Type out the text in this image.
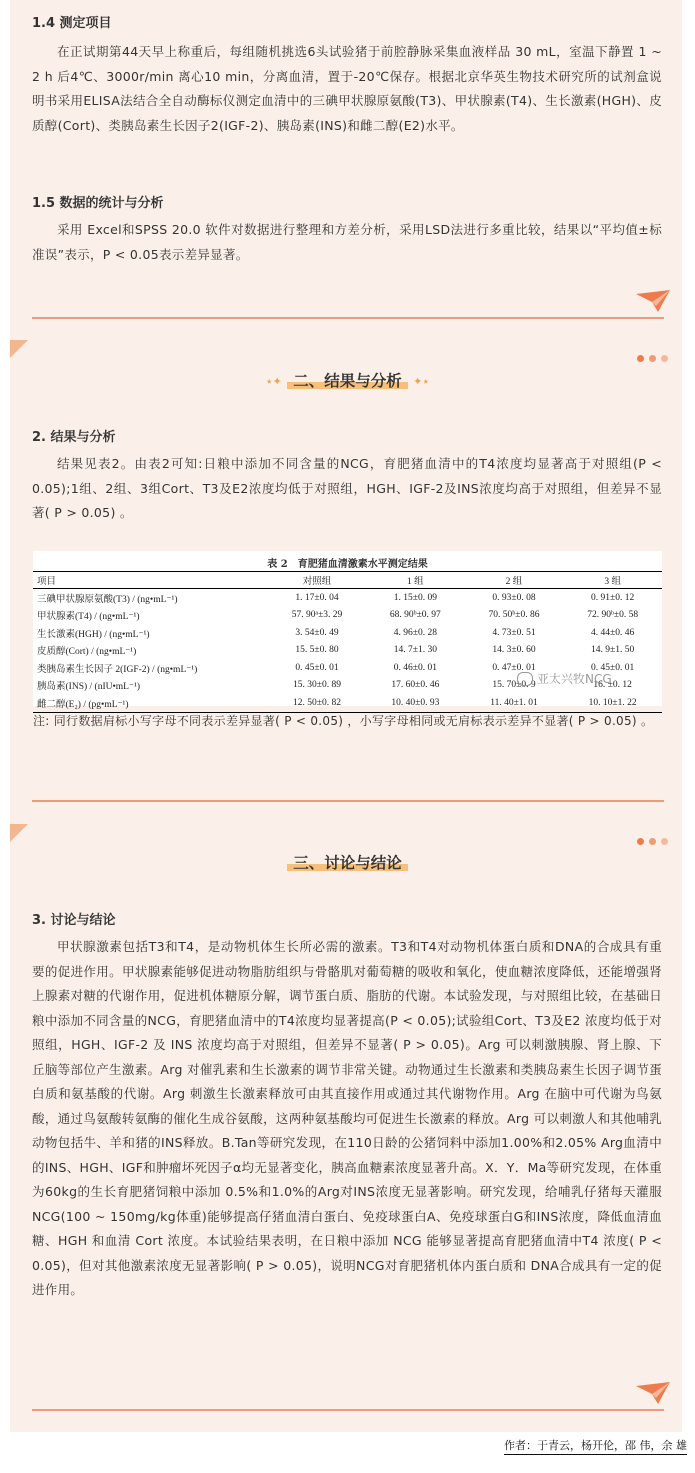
1.4 测定项目

在正试期第44天早上称重后，每组随机挑选6头试验猪于前腔静脉采集血液样品 30 mL，室温下静置 1 ~ 2 h 后4℃、3000r/min 离心10 min，分离血清，置于-20℃保存。根据北京华英生物技术研究所的试剂盒说明书采用ELISA法结合全自动酶标仪测定血清中的三碘甲状腺原氨酸(T3)、甲状腺素(T4)、生长激素(HGH)、皮质醇(Cort)、类胰岛素生长因子2(IGF-2)、胰岛素(INS)和雌二醇(E2)水平。

1.5 数据的统计与分析

采用 Excel和SPSS 20.0 软件对数据进行整理和方差分析，采用LSD法进行多重比较，结果以“平均值±标准误”表示，P < 0.05表示差异显著。

⋆✦ 二、结果与分析 ✦⋆
2. 结果与分析

结果见表2。由表2可知:日粮中添加不同含量的NCG，育肥猪血清中的T4浓度均显著高于对照组(P < 0.05);1组、2组、3组Cort、T3及E2浓度均低于对照组，HGH、IGF-2及INS浓度均高于对照组，但差异不显著( P > 0.05) 。

表 2　育肥猪血清激素水平测定结果
项目	对照组	1 组	2 组	3 组
三碘甲状腺原氨酸(T3) / (ng•mL⁻¹)	1. 17±0. 04	1. 15±0. 09	0. 93±0. 08	0. 91±0. 12
甲状腺素(T4) / (ng•mL⁻¹)	57. 90ᵃ±3. 29	68. 90ᵇ±0. 97	70. 50ᵇ±0. 86	72. 90ᵇ±0. 58
生长激素(HGH) / (ng•mL⁻¹)	3. 54±0. 49	4. 96±0. 28	4. 73±0. 51	4. 44±0. 46
皮质醇(Cort) / (ng•mL⁻¹)	15. 5±0. 80	14. 7±1. 30	14. 3±0. 60	14. 9±1. 50
类胰岛素生长因子 2(IGF-2) / (ng•mL⁻¹)	0. 45±0. 01	0. 46±0. 01	0. 47±0. 01	0. 45±0. 01
胰岛素(INS) / (nIU•mL⁻¹)	15. 30±0. 89	17. 60±0. 46	15. 70±0. 9	16. ±0. 12
雌二醇(E₂) / (pg•mL⁻¹)	12. 50±0. 82	10. 40±0. 93	11. 40±1. 01	10. 10±1. 22
亚太兴牧NCG
注: 同行数据肩标小写字母不同表示差异显著( P < 0.05) ，小写字母相同或无肩标表示差异不显著( P > 0.05) 。
三、讨论与结论
3. 讨论与结论

甲状腺激素包括T3和T4，是动物机体生长所必需的激素。T3和T4对动物机体蛋白质和DNA的合成具有重要的促进作用。甲状腺素能够促进动物脂肪组织与骨骼肌对葡萄糖的吸收和氧化，使血糖浓度降低，还能增强肾上腺素对糖的代谢作用，促进机体糖原分解，调节蛋白质、脂肪的代谢。本试验发现，与对照组比较，在基础日粮中添加不同含量的NCG，育肥猪血清中的T4浓度均显著提高(P < 0.05);试验组Cort、T3及E2 浓度均低于对照组，HGH、IGF-2 及 INS 浓度均高于对照组，但差异不显著( P > 0.05)。Arg 可以刺激胰腺、肾上腺、下丘脑等部位产生激素。Arg 对催乳素和生长激素的调节非常关键。动物通过生长激素和类胰岛素生长因子调节蛋白质和氨基酸的代谢。Arg 刺激生长激素释放可由其直接作用或通过其代谢物作用。Arg 在脑中可代谢为鸟氨酸，通过鸟氨酸转氨酶的催化生成谷氨酸，这两种氨基酸均可促进生长激素的释放。Arg 可以刺激人和其他哺乳动物包括牛、羊和猪的INS释放。B.Tan等研究发现，在110日龄的公猪饲料中添加1.00%和2.05% Arg血清中的INS、HGH、IGF和肿瘤坏死因子α均无显著变化，胰高血糖素浓度显著升高。X．Y．Ma等研究发现，在体重为60kg的生长育肥猪饲粮中添加 0.5%和1.0%的Arg对INS浓度无显著影响。研究发现，给哺乳仔猪每天灌服NCG(100 ~ 150mg/kg体重)能够提高仔猪血清白蛋白、免疫球蛋白A、免疫球蛋白G和INS浓度，降低血清血糖、HGH 和血清 Cort 浓度。本试验结果表明，在日粮中添加 NCG 能够显著提高育肥猪血清中T4 浓度( P < 0.05)，但对其他激素浓度无显著影响( P > 0.05)，说明NCG对育肥猪机体内蛋白质和 DNA合成具有一定的促进作用。

作者：于青云，杨开伦，邵 伟，余 雄
